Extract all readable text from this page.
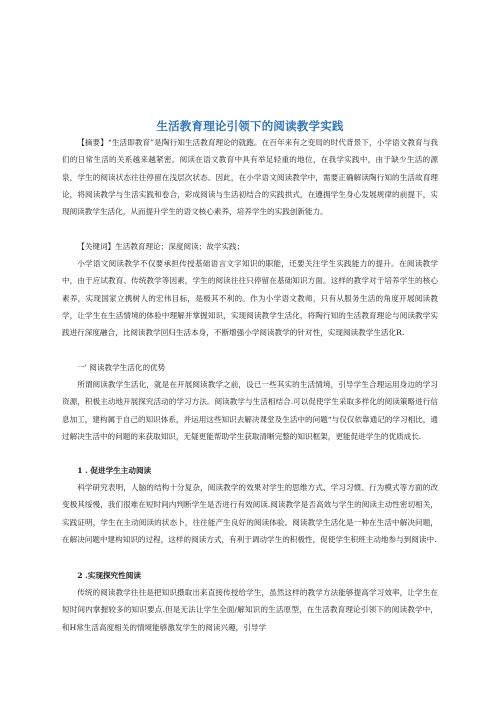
生活教育理论引领下的阅读教学实践

【摘要】“生活即教育”是陶行知生活教育理论的就跑。在百年来有之变局的时代背景下，小学语文教育与我们的日常生活的关系越来越紧密。阅读在语文教育中具有举足轻重的地位，在我学实践中，由于缺少生活的源泉，学生的阅读状态往往停留在浅层次状态。因此，在小学语文阅读教学中，需要正确解读陶行知的生活故育理论，将阅读教学与生活实践和卷合，彩成阅读与生活初结合的实践拱式，在遵拥学生身心发展规律的前提下，实现阅读教学生活化，从而提升学生的语文核心素养，培养学生的实践创新能力。

【关键词】生活教育理论；深度阅读；故学实践；

小学语文阅读教学不仅要承担传授基础语言文字知识的职能，还要关注学生实践能力的提升。在阅读教学中，由于应试教育、传统教学等因素，学生的阅读往往只停留在基础知识方面。这样的教学对于培养学生的核心素养，实现国家立携树人的宏伟目标，是极其不利的。作为小学语文教师，只有从服务生活的角度开展阅读教学，让学生在生活情境的体验中理解并掌握知识，实现阅读教学生活化，将陶行知的生活教育理论与阅读教学实践进行深度融合，比阅读教学回归生活本身，不断增强小学阅读教学的针对性，实现阅读教学生活化R.

一' 阅读教学生活化的优势

所谓阅读教学生活化，就是在开展阅读教学之前，设已一些其实的生活情境，引导学生合理运用身边的学习资源，积极主动地开展探究活动的学习方法。阅读教学与生活相结合.可以促使学生采取多样化的阅读策略进行信息加工，建构属于自己的知识体系，并运用这些知识去解决课堂及生活中的问题“与仅仅依靠通记的学习相比，通过解决生活中的问题的来获取知识，无疑更能帮助学生获取清晰完整的知识框架，更能促进学生的优质成长.

1 . 促进学生主动阅读

科学研究表明，人脑的结构十分复杂，阅读教学的效果对学生的思维方式、学习习惯、行为模式等方面的改变极其绥慢，我们很难在短时间内判断学生是否进行有效阅读.阅读教学是否高效与学生的阅读主动性密切相关，实践证明，学生在主动阅读的状态卜，往往能产生良好的阅读体验。阅读教学生活化是一种在生活中解决问题，在解决问题中建构知识的过程，这样的阅读方式，有利于调动学生的积极性，促使学生积班主动地参与到阅读中.

2 .实现探究性阅读

传统的阅读教学往往是把知识摄取出来直接传授给学生，虽然这样的教学方法能够提高学习效率，让学生在短时间内掌握较多的知识要点.但是无法让学生全面/解知识的生活原型，在生活教育理论引领下的阅读教学中，和H常生活高度相关的情境能够激发学生的阅读兴趣，引导学
